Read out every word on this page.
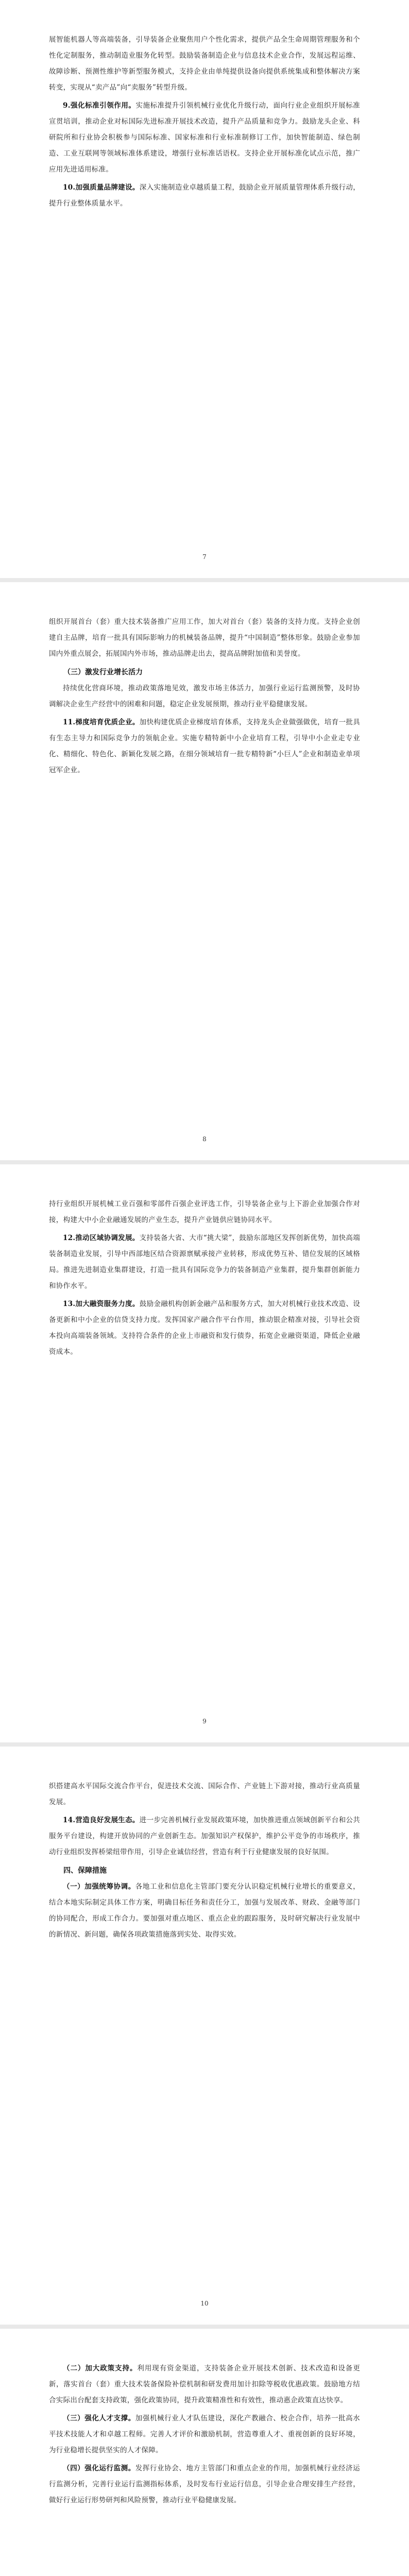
展智能机器人等高端装备，引导装备企业聚焦用户个性化需求，提供产品全生命周期管理服务和个性化定制服务，推动制造业服务化转型。鼓励装备制造企业与信息技术企业合作，发展远程运维、故障诊断、预测性维护等新型服务模式，支持企业由单纯提供设备向提供系统集成和整体解决方案转变，实现从“卖产品”向“卖服务”转型升级。

9.强化标准引领作用。实施标准提升引领机械行业优化升级行动，面向行业企业组织开展标准宣贯培训，推动企业对标国际先进标准开展技术改造，提升产品质量和竞争力。鼓励龙头企业、科研院所和行业协会积极参与国际标准、国家标准和行业标准制修订工作，加快智能制造、绿色制造、工业互联网等领域标准体系建设，增强行业标准话语权。支持企业开展标准化试点示范，推广应用先进适用标准。

10.加强质量品牌建设。深入实施制造业卓越质量工程，鼓励企业开展质量管理体系升级行动，提升行业整体质量水平。

7

组织开展首台（套）重大技术装备推广应用工作，加大对首台（套）装备的支持力度。支持企业创建自主品牌，培育一批具有国际影响力的机械装备品牌，提升“中国制造”整体形象。鼓励企业参加国内外重点展会，拓展国内外市场，推动品牌走出去，提高品牌附加值和美誉度。

（三）激发行业增长活力

持续优化营商环境，推动政策落地见效，激发市场主体活力，加强行业运行监测预警，及时协调解决企业生产经营中的困难和问题，稳定企业发展预期，推动行业平稳健康发展。

11.梯度培育优质企业。加快构建优质企业梯度培育体系，支持龙头企业做强做优，培育一批具有生态主导力和国际竞争力的领航企业。实施专精特新中小企业培育工程，引导中小企业走专业化、精细化、特色化、新颖化发展之路，在细分领域培育一批专精特新“小巨人”企业和制造业单项冠军企业。

8

持行业组织开展机械工业百强和零部件百强企业评选工作，引导装备企业与上下游企业加强合作对接，构建大中小企业融通发展的产业生态，提升产业链供应链协同水平。

12.推动区域协调发展。支持装备大省、大市“挑大梁”，鼓励东部地区发挥创新优势，加快高端装备制造业发展，引导中西部地区结合资源禀赋承接产业转移，形成优势互补、错位发展的区域格局。推进先进制造业集群建设，打造一批具有国际竞争力的装备制造产业集群，提升集群创新能力和协作水平。

13.加大融资服务力度。鼓励金融机构创新金融产品和服务方式，加大对机械行业技术改造、设备更新和中小企业的信贷支持力度。发挥国家产融合作平台作用，推动银企精准对接，引导社会资本投向高端装备领域。支持符合条件的企业上市融资和发行债券，拓宽企业融资渠道，降低企业融资成本。

9

织搭建高水平国际交流合作平台，促进技术交流、国际合作、产业链上下游对接，推动行业高质量发展。

14.营造良好发展生态。进一步完善机械行业发展政策环境，加快推进重点领域创新平台和公共服务平台建设，构建开放协同的产业创新生态。加强知识产权保护，维护公平竞争的市场秩序，推动行业组织发挥桥梁纽带作用，引导企业诚信经营，营造有利于行业健康发展的良好氛围。

四、保障措施

（一）加强统筹协调。各地工业和信息化主管部门要充分认识稳定机械行业增长的重要意义，结合本地实际制定具体工作方案，明确目标任务和责任分工，加强与发展改革、财政、金融等部门的协同配合，形成工作合力。要加强对重点地区、重点企业的跟踪服务，及时研究解决行业发展中的新情况、新问题，确保各项政策措施落到实处、取得实效。

10

（二）加大政策支持。利用现有资金渠道，支持装备企业开展技术创新、技术改造和设备更新，落实首台（套）重大技术装备保险补偿机制和研发费用加计扣除等税收优惠政策。鼓励地方结合实际出台配套支持政策，强化政策协同，提升政策精准性和有效性，推动惠企政策直达快享。

（三）强化人才支撑。加强机械行业人才队伍建设，深化产教融合、校企合作，培养一批高水平技术技能人才和卓越工程师。完善人才评价和激励机制，营造尊重人才、重视创新的良好环境，为行业稳增长提供坚实的人才保障。

（四）强化运行监测。发挥行业协会、地方主管部门和重点企业的作用，加强机械行业经济运行监测分析，完善行业运行监测指标体系，及时发布行业运行信息，引导企业合理安排生产经营，做好行业运行形势研判和风险预警，推动行业平稳健康发展。
